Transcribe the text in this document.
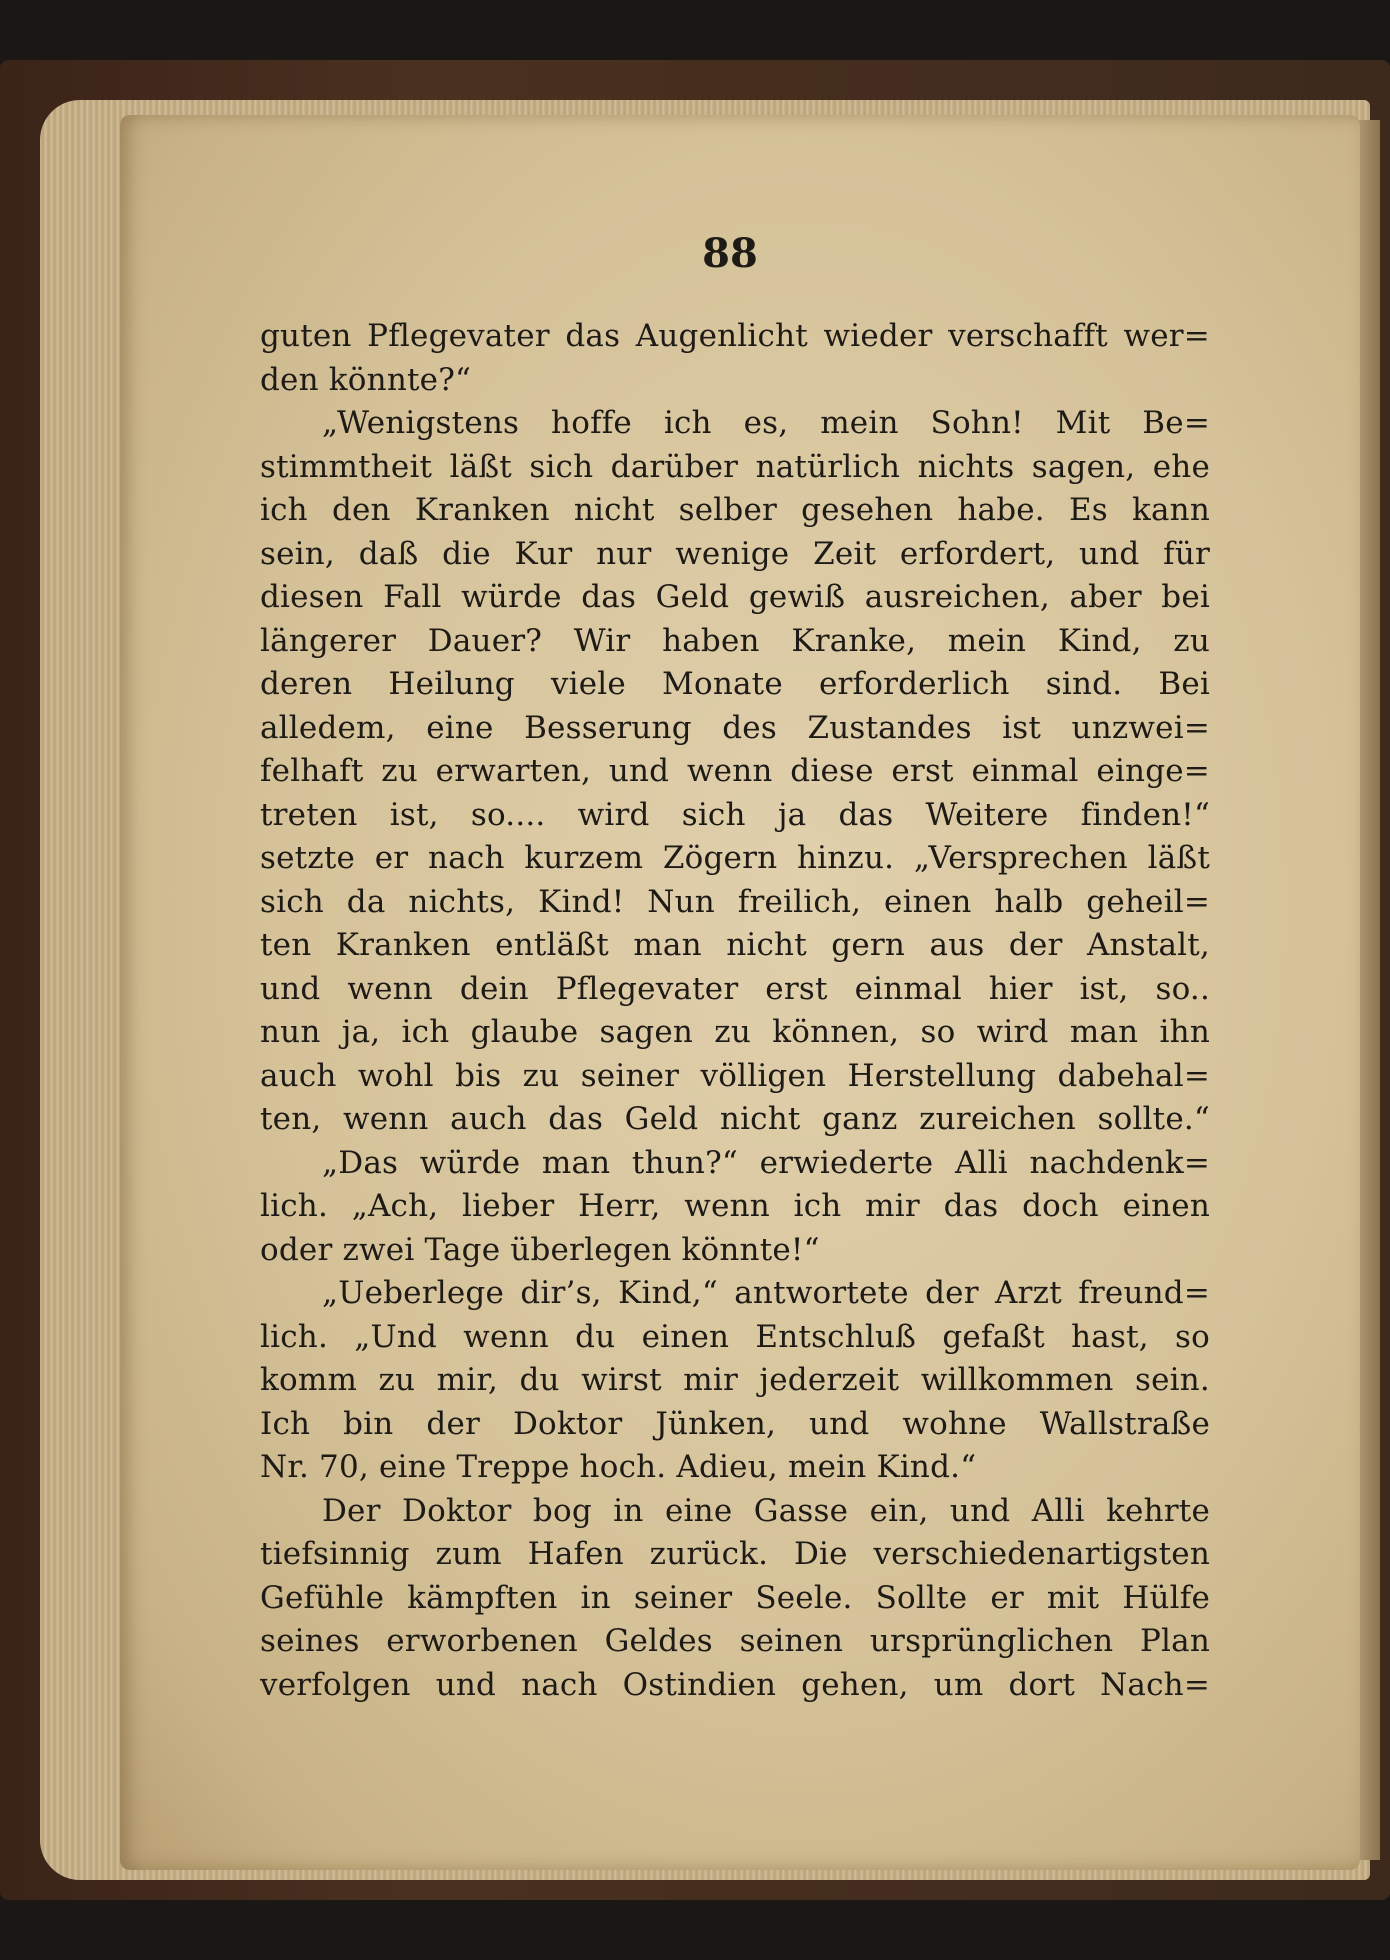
88
guten Pflegevater das Augenlicht wieder verschafft wer=
den könnte?“
„Wenigstens hoffe ich es, mein Sohn! Mit Be=
stimmtheit läßt sich darüber natürlich nichts sagen, ehe
ich den Kranken nicht selber gesehen habe. Es kann
sein, daß die Kur nur wenige Zeit erfordert, und für
diesen Fall würde das Geld gewiß ausreichen, aber bei
längerer Dauer? Wir haben Kranke, mein Kind, zu
deren Heilung viele Monate erforderlich sind. Bei
alledem, eine Besserung des Zustandes ist unzwei=
felhaft zu erwarten, und wenn diese erst einmal einge=
treten ist, so.... wird sich ja das Weitere finden!“
setzte er nach kurzem Zögern hinzu. „Versprechen läßt
sich da nichts, Kind! Nun freilich, einen halb geheil=
ten Kranken entläßt man nicht gern aus der Anstalt,
und wenn dein Pflegevater erst einmal hier ist, so..
nun ja, ich glaube sagen zu können, so wird man ihn
auch wohl bis zu seiner völligen Herstellung dabehal=
ten, wenn auch das Geld nicht ganz zureichen sollte.“
„Das würde man thun?“ erwiederte Alli nachdenk=
lich. „Ach, lieber Herr, wenn ich mir das doch einen
oder zwei Tage überlegen könnte!“
„Ueberlege dir’s, Kind,“ antwortete der Arzt freund=
lich. „Und wenn du einen Entschluß gefaßt hast, so
komm zu mir, du wirst mir jederzeit willkommen sein.
Ich bin der Doktor Jünken, und wohne Wallstraße
Nr. 70, eine Treppe hoch. Adieu, mein Kind.“
Der Doktor bog in eine Gasse ein, und Alli kehrte
tiefsinnig zum Hafen zurück. Die verschiedenartigsten
Gefühle kämpften in seiner Seele. Sollte er mit Hülfe
seines erworbenen Geldes seinen ursprünglichen Plan
verfolgen und nach Ostindien gehen, um dort Nach=
